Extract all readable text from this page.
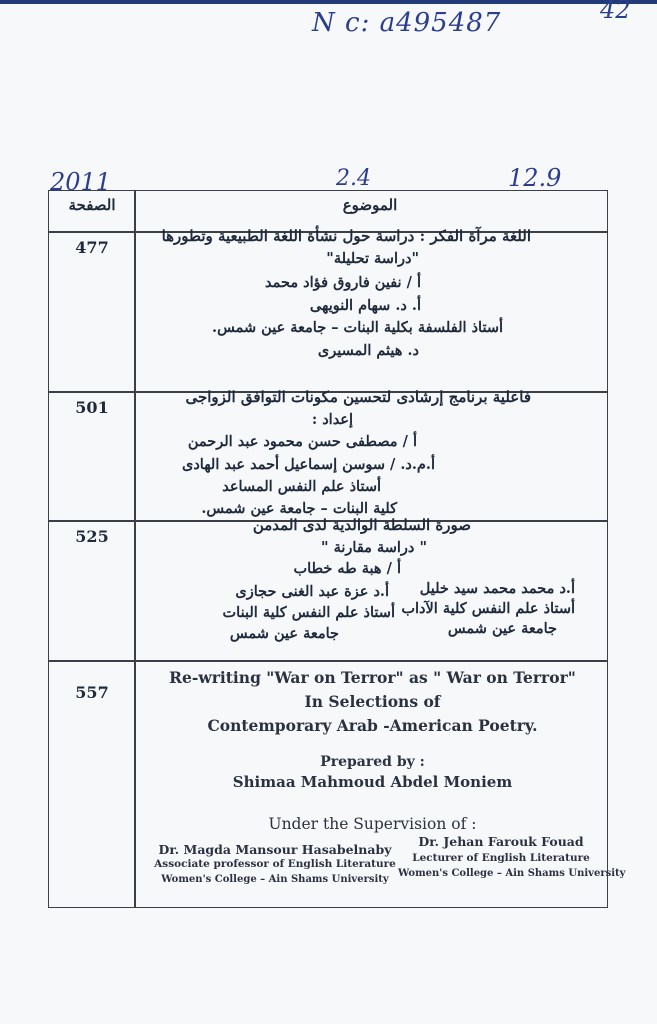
N c: a495487	42
2011	2.4	12.9
الصفحة	الموضوع
477
اللغة مرآة الفكر : دراسة حول نشأة اللغة الطبيعية وتطورها
"دراسة تحليلة"
أ / نفين فاروق فؤاد محمد
أ. د. سهام النويهى
أستاذ الفلسفة بكلية البنات – جامعة عين شمس.
د. هيثم المسيرى
501
فاعلية برنامج إرشادى لتحسين مكونات التوافق الزواجى
إعداد :
أ / مصطفى حسن محمود عبد الرحمن
أ.م.د. / سوسن إسماعيل أحمد عبد الهادى
أستاذ علم النفس المساعد
كلية البنات – جامعة عين شمس.
525
صورة السلطة الوالدية لدى المدمن
" دراسة مقارنة "
أ / هبة طه خطاب
أ.د محمد محمد سيد خليل
أستاذ علم النفس كلية الآداب
جامعة عين شمس
أ.د عزة عبد الغنى حجازى
أستاذ علم النفس كلية البنات
جامعة عين شمس
557
Re-writing "War on Terror" as " War on Terror"
In Selections of
Contemporary Arab -American Poetry.
Prepared by :
Shimaa Mahmoud Abdel Moniem
Under the Supervision of :
Dr. Magda Mansour Hasabelnaby
Associate professor of English Literature
Women's College – Ain Shams University
Dr. Jehan Farouk Fouad
Lecturer of English Literature
Women's College – Ain Shams University
